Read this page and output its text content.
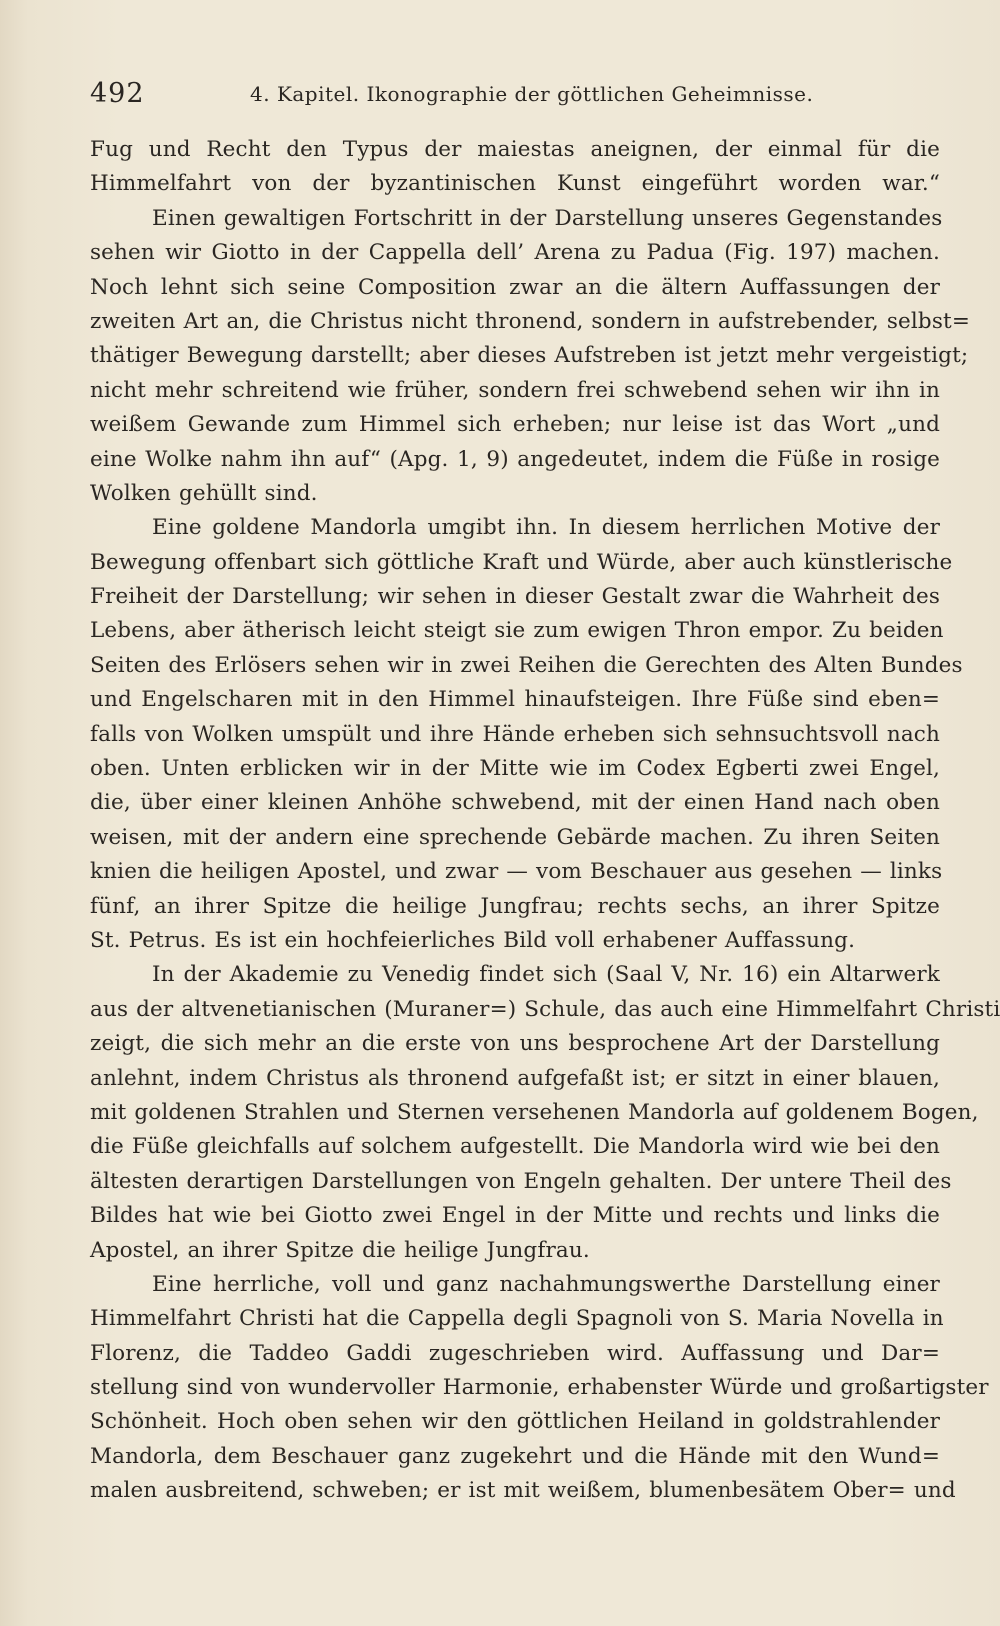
492	4. Kapitel. Ikonographie der göttlichen Geheimnisse.
Fug und Recht den Typus der maiestas aneignen, der einmal für die
Himmelfahrt von der byzantinischen Kunst eingeführt worden war.“
Einen gewaltigen Fortschritt in der Darstellung unseres Gegenstandes
sehen wir Giotto in der Cappella dell’ Arena zu Padua (Fig. 197) machen.
Noch lehnt sich seine Composition zwar an die ältern Auffassungen der
zweiten Art an, die Christus nicht thronend, sondern in aufstrebender, selbst=
thätiger Bewegung darstellt; aber dieses Aufstreben ist jetzt mehr vergeistigt;
nicht mehr schreitend wie früher, sondern frei schwebend sehen wir ihn in
weißem Gewande zum Himmel sich erheben; nur leise ist das Wort „und
eine Wolke nahm ihn auf“ (Apg. 1, 9) angedeutet, indem die Füße in rosige
Wolken gehüllt sind.
Eine goldene Mandorla umgibt ihn. In diesem herrlichen Motive der
Bewegung offenbart sich göttliche Kraft und Würde, aber auch künstlerische
Freiheit der Darstellung; wir sehen in dieser Gestalt zwar die Wahrheit des
Lebens, aber ätherisch leicht steigt sie zum ewigen Thron empor. Zu beiden
Seiten des Erlösers sehen wir in zwei Reihen die Gerechten des Alten Bundes
und Engelscharen mit in den Himmel hinaufsteigen. Ihre Füße sind eben=
falls von Wolken umspült und ihre Hände erheben sich sehnsuchtsvoll nach
oben. Unten erblicken wir in der Mitte wie im Codex Egberti zwei Engel,
die, über einer kleinen Anhöhe schwebend, mit der einen Hand nach oben
weisen, mit der andern eine sprechende Gebärde machen. Zu ihren Seiten
knien die heiligen Apostel, und zwar — vom Beschauer aus gesehen — links
fünf, an ihrer Spitze die heilige Jungfrau; rechts sechs, an ihrer Spitze
St. Petrus. Es ist ein hochfeierliches Bild voll erhabener Auffassung.
In der Akademie zu Venedig findet sich (Saal V, Nr. 16) ein Altarwerk
aus der altvenetianischen (Muraner=) Schule, das auch eine Himmelfahrt Christi
zeigt, die sich mehr an die erste von uns besprochene Art der Darstellung
anlehnt, indem Christus als thronend aufgefaßt ist; er sitzt in einer blauen,
mit goldenen Strahlen und Sternen versehenen Mandorla auf goldenem Bogen,
die Füße gleichfalls auf solchem aufgestellt. Die Mandorla wird wie bei den
ältesten derartigen Darstellungen von Engeln gehalten. Der untere Theil des
Bildes hat wie bei Giotto zwei Engel in der Mitte und rechts und links die
Apostel, an ihrer Spitze die heilige Jungfrau.
Eine herrliche, voll und ganz nachahmungswerthe Darstellung einer
Himmelfahrt Christi hat die Cappella degli Spagnoli von S. Maria Novella in
Florenz, die Taddeo Gaddi zugeschrieben wird. Auffassung und Dar=
stellung sind von wundervoller Harmonie, erhabenster Würde und großartigster
Schönheit. Hoch oben sehen wir den göttlichen Heiland in goldstrahlender
Mandorla, dem Beschauer ganz zugekehrt und die Hände mit den Wund=
malen ausbreitend, schweben; er ist mit weißem, blumenbesätem Ober= und
